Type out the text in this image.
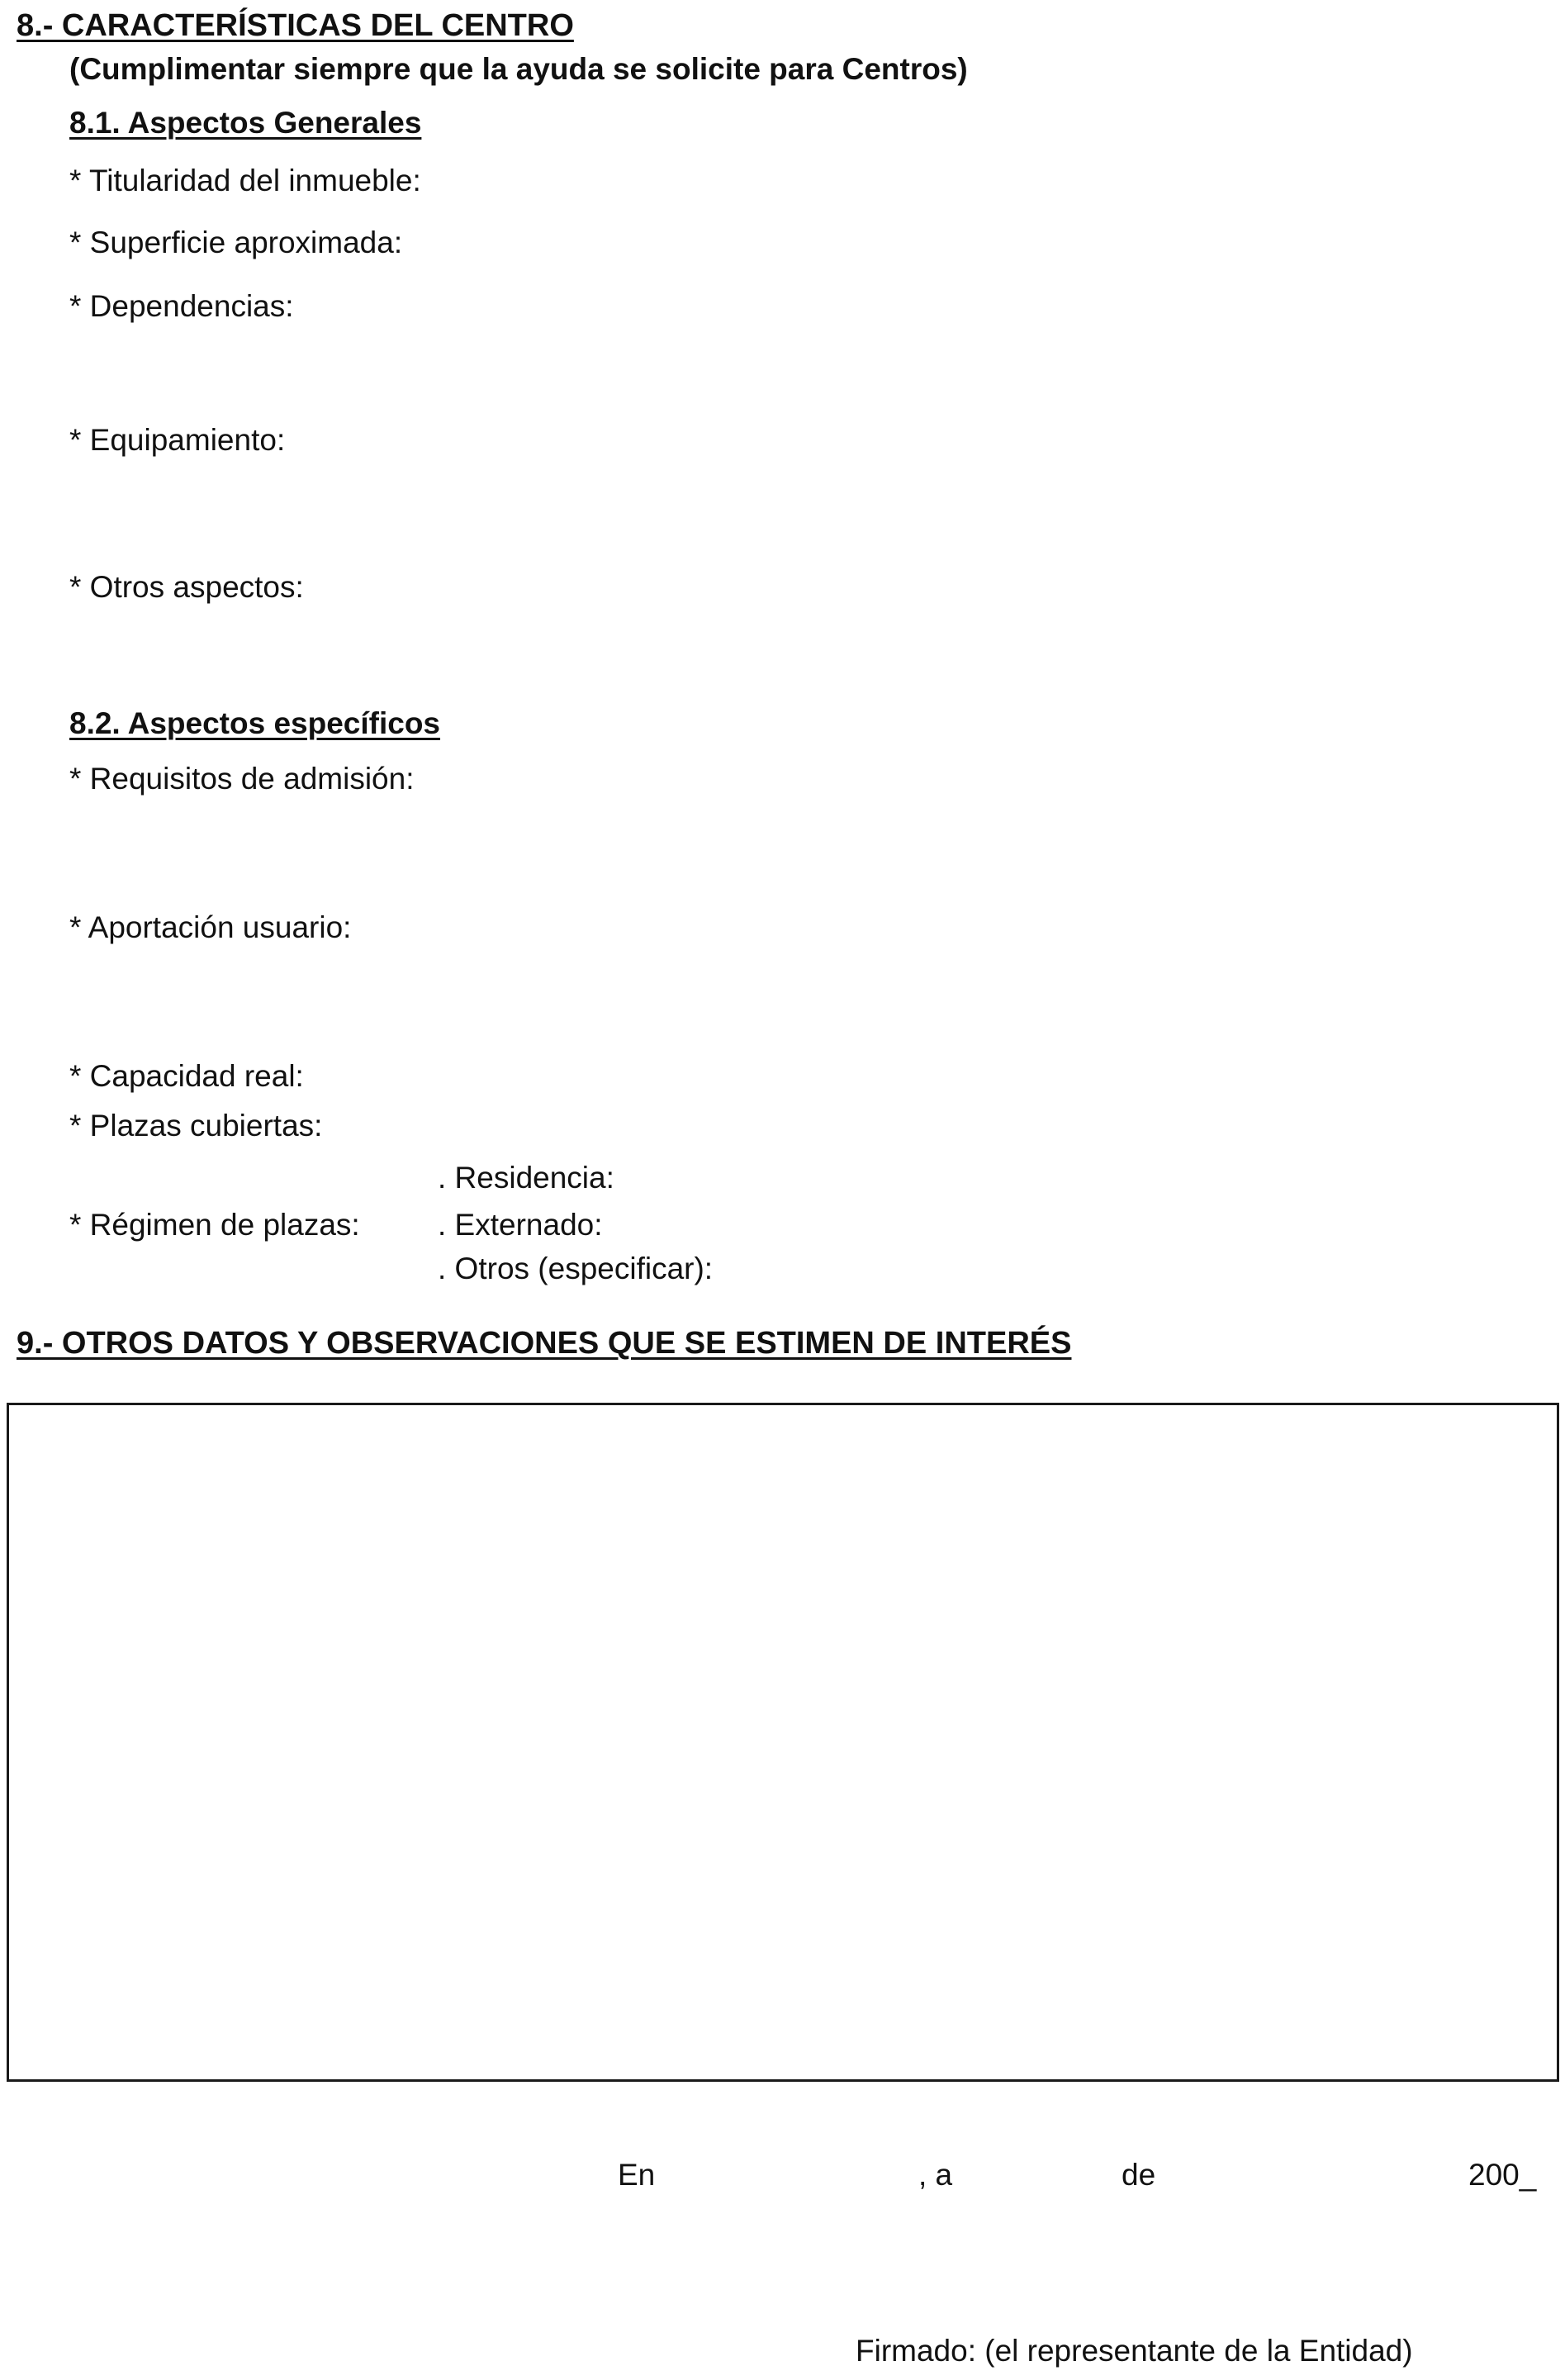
8.- CARACTERÍSTICAS DEL CENTRO
(Cumplimentar siempre que la ayuda se solicite para Centros)
8.1. Aspectos Generales
* Titularidad del inmueble:
* Superficie aproximada:
* Dependencias:
* Equipamiento:
* Otros aspectos:
8.2. Aspectos específicos
* Requisitos de admisión:
* Aportación usuario:
* Capacidad real:
* Plazas cubiertas:
. Residencia:
* Régimen de plazas:	. Externado:
. Otros (especificar):
9.- OTROS DATOS Y OBSERVACIONES QUE SE ESTIMEN DE INTERÉS
En	, a	de	200_
Firmado: (el representante de la Entidad)
